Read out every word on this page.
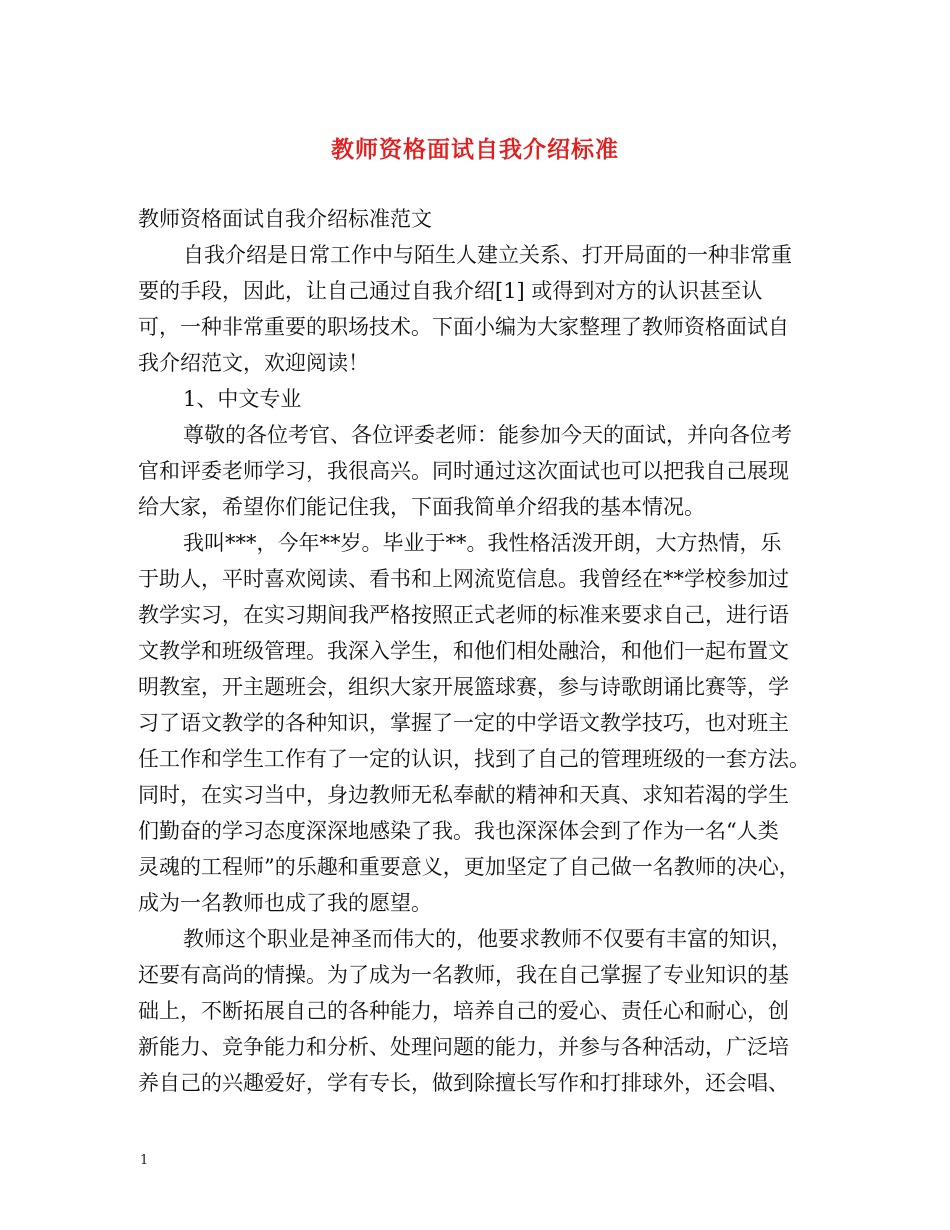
教师资格面试自我介绍标准
教师资格面试自我介绍标准范文
自我介绍是日常工作中与陌生人建立关系、打开局面的一种非常重
要的手段，因此，让自己通过自我介绍[1] 或得到对方的认识甚至认
可，一种非常重要的职场技术。下面小编为大家整理了教师资格面试自
我介绍范文，欢迎阅读！
1、中文专业
尊敬的各位考官、各位评委老师：能参加今天的面试，并向各位考
官和评委老师学习，我很高兴。同时通过这次面试也可以把我自己展现
给大家，希望你们能记住我，下面我简单介绍我的基本情况。
我叫***，今年**岁。毕业于**。我性格活泼开朗，大方热情，乐
于助人，平时喜欢阅读、看书和上网流览信息。我曾经在**学校参加过
教学实习，在实习期间我严格按照正式老师的标准来要求自己，进行语
文教学和班级管理。我深入学生，和他们相处融洽，和他们一起布置文
明教室，开主题班会，组织大家开展篮球赛，参与诗歌朗诵比赛等，学
习了语文教学的各种知识，掌握了一定的中学语文教学技巧，也对班主
任工作和学生工作有了一定的认识，找到了自己的管理班级的一套方法。
同时，在实习当中，身边教师无私奉献的精神和天真、求知若渴的学生
们勤奋的学习态度深深地感染了我。我也深深体会到了作为一名“人类
灵魂的工程师”的乐趣和重要意义，更加坚定了自己做一名教师的决心，
成为一名教师也成了我的愿望。
教师这个职业是神圣而伟大的，他要求教师不仅要有丰富的知识，
还要有高尚的情操。为了成为一名教师，我在自己掌握了专业知识的基
础上，不断拓展自己的各种能力，培养自己的爱心、责任心和耐心，创
新能力、竞争能力和分析、处理问题的能力，并参与各种活动，广泛培
养自己的兴趣爱好，学有专长，做到除擅长写作和打排球外，还会唱、
1
